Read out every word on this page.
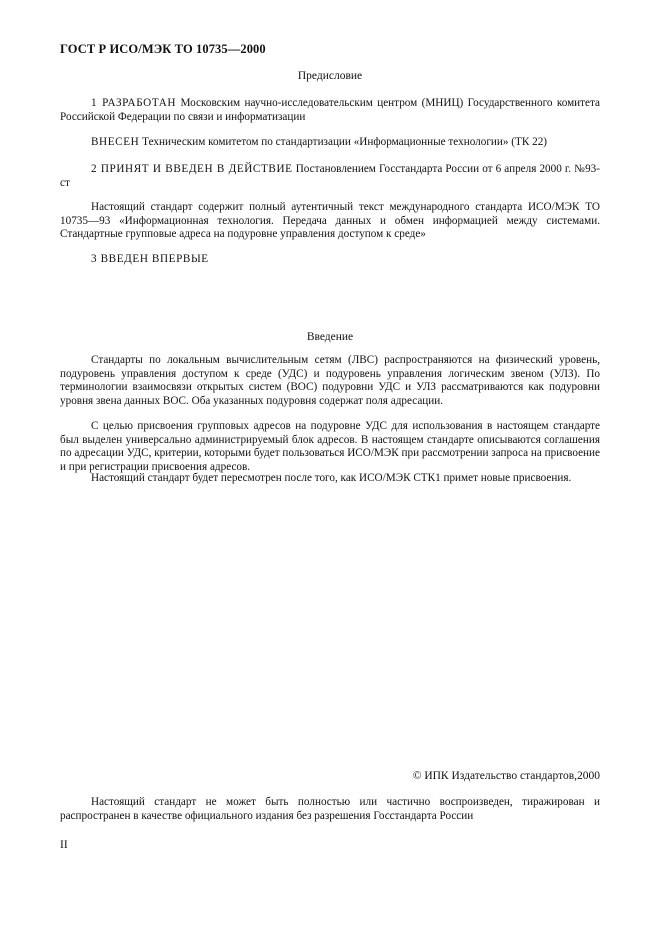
ГОСТ Р ИСО/МЭК ТО 10735—2000
Предисловие

1 РАЗРАБОТАН Московским научно-исследовательским центром (МНИЦ) Государственного комитета Российской Федерации по связи и информатизации

ВНЕСЕН Техническим комитетом по стандартизации «Информационные технологии» (ТК 22)

2 ПРИНЯТ И ВВЕДЕН В ДЕЙСТВИЕ Постановлением Госстандарта России от 6 апреля 2000 г. №93-ст

Настоящий стандарт содержит полный аутентичный текст международного стандарта ИСО/МЭК ТО 10735—93 «Информационная технология. Передача данных и обмен информацией между системами. Стандартные групповые адреса на подуровне управления доступом к среде»

3 ВВЕДЕН ВПЕРВЫЕ

Введение

Стандарты по локальным вычислительным сетям (ЛВС) распространяются на физический уровень, подуровень управления доступом к среде (УДС) и подуровень управления логическим звеном (УЛЗ). По терминологии взаимосвязи открытых систем (ВОС) подуровни УДС и УЛЗ рассматриваются как подуровни уровня звена данных ВОС. Оба указанных подуровня содержат поля адресации.

С целью присвоения групповых адресов на подуровне УДС для использования в настоящем стандарте был выделен универсально администрируемый блок адресов. В настоящем стандарте описываются соглашения по адресации УДС, критерии, которыми будет пользоваться ИСО/МЭК при рассмотрении запроса на присвоение и при регистрации присвоения адресов.

Настоящий стандарт будет пересмотрен после того, как ИСО/МЭК СТК1 примет новые присвоения.

© ИПК Издательство стандартов,2000

Настоящий стандарт не может быть полностью или частично воспроизведен, тиражирован и распространен в качестве официального издания без разрешения Госстандарта России

II
